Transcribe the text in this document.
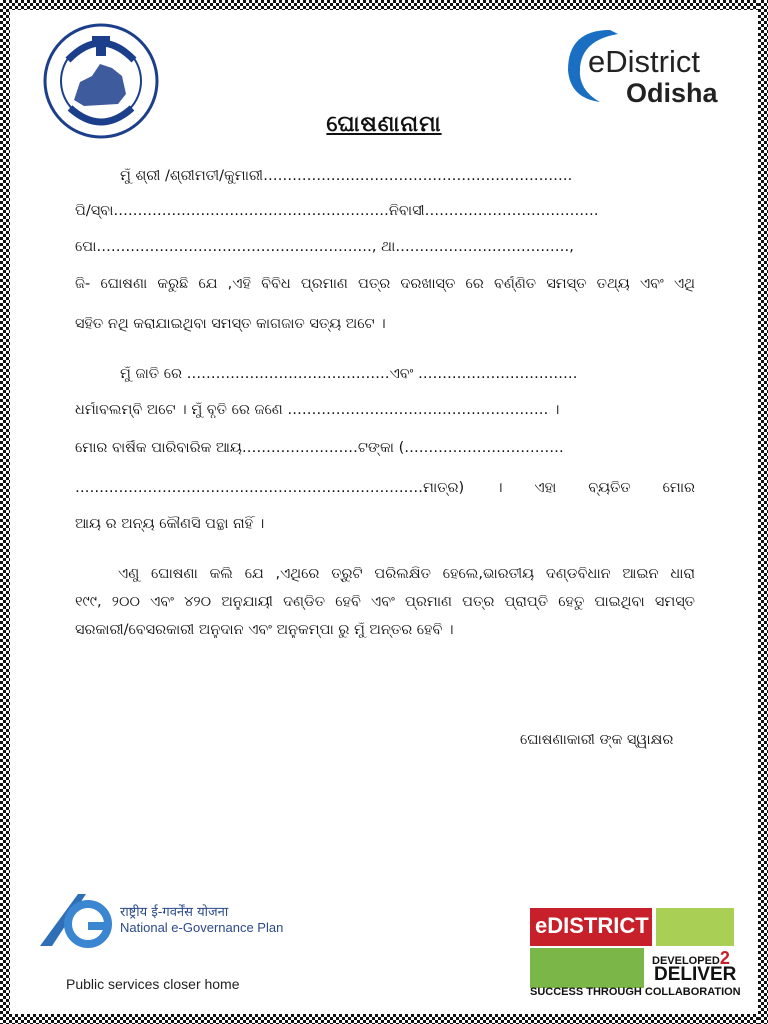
eDistrict
Odisha
ଘୋଷଣାନାମା
ମୁଁ ଶ୍ରୀ /ଶ୍ରୀମତୀ/କୁମାରୀ……………………………………………………….
ପି/ସ୍ବା…………………………………………………ନିବାସୀ………………………………
ପୋ…………………………………………………, ଥା………………………………,
ଜି- ଘୋଷଣା କରୁଛି ଯେ ,ଏହି ବିବିଧ ପ୍ରମାଣ ପତ୍ର ଦରଖାସ୍ତ ରେ ବର୍ଣ୍ଣିତ ସମସ୍ତ ତଥ୍ୟ ଏବଂ ଏଥି
ସହିତ ନଥି କରାଯାଇଥିବା ସମସ୍ତ କାଗଜାତ ସତ୍ୟ ଅଟେ ।
ମୁଁ ଜାତି ରେ ……………………………………ଏବଂ ……………………………
ଧର୍ମାବଲମ୍ବି ଅଟେ । ମୁଁ ବୃତି ରେ ଜଣେ ……………………………………………… ।
ମୋର ବାର୍ଷିକ ପାରିବାରିକ ଆୟ……………………ଟଙ୍କା (……………………………
………………………………………………………………ମାତ୍ର) । ଏହା ବ୍ୟତିତ ମୋର
ଆୟ ର ଅନ୍ୟ କୌଣସି ପନ୍ଥା ନାହିଁ ।
ଏଣୁ ଘୋଷଣା କଲି ଯେ ,ଏଥିରେ ତ୍ରୁଟି ପରିଲକ୍ଷିତ ହେଲେ,ଭାରତୀୟ ଦଣ୍ଡବିଧାନ ଆଇନ ଧାରା
୧୯୯, ୨୦୦ ଏବଂ ୪୨୦ ଅନୁଯାୟୀ ଦଣ୍ଡିତ ହେବି ଏବଂ ପ୍ରମାଣ ପତ୍ର ପ୍ରାପ୍ତି ହେତୁ ପାଇଥିବା ସମସ୍ତ
ସରକାରୀ/ବେସରକାରୀ ଅନୁଦାନ ଏବଂ ଅନୁକମ୍ପା ରୁ ମୁଁ ଅନ୍ତର ହେବି ।
ଘୋଷଣାକାରୀ ଙ୍କ ସ୍ୱାକ୍ଷର
राष्ट्रीय ई-गवर्नेंस योजना
National e-Governance Plan
Public services closer home
eDISTRICT
DEVELOPED2
DELIVER
SUCCESS THROUGH COLLABORATION
